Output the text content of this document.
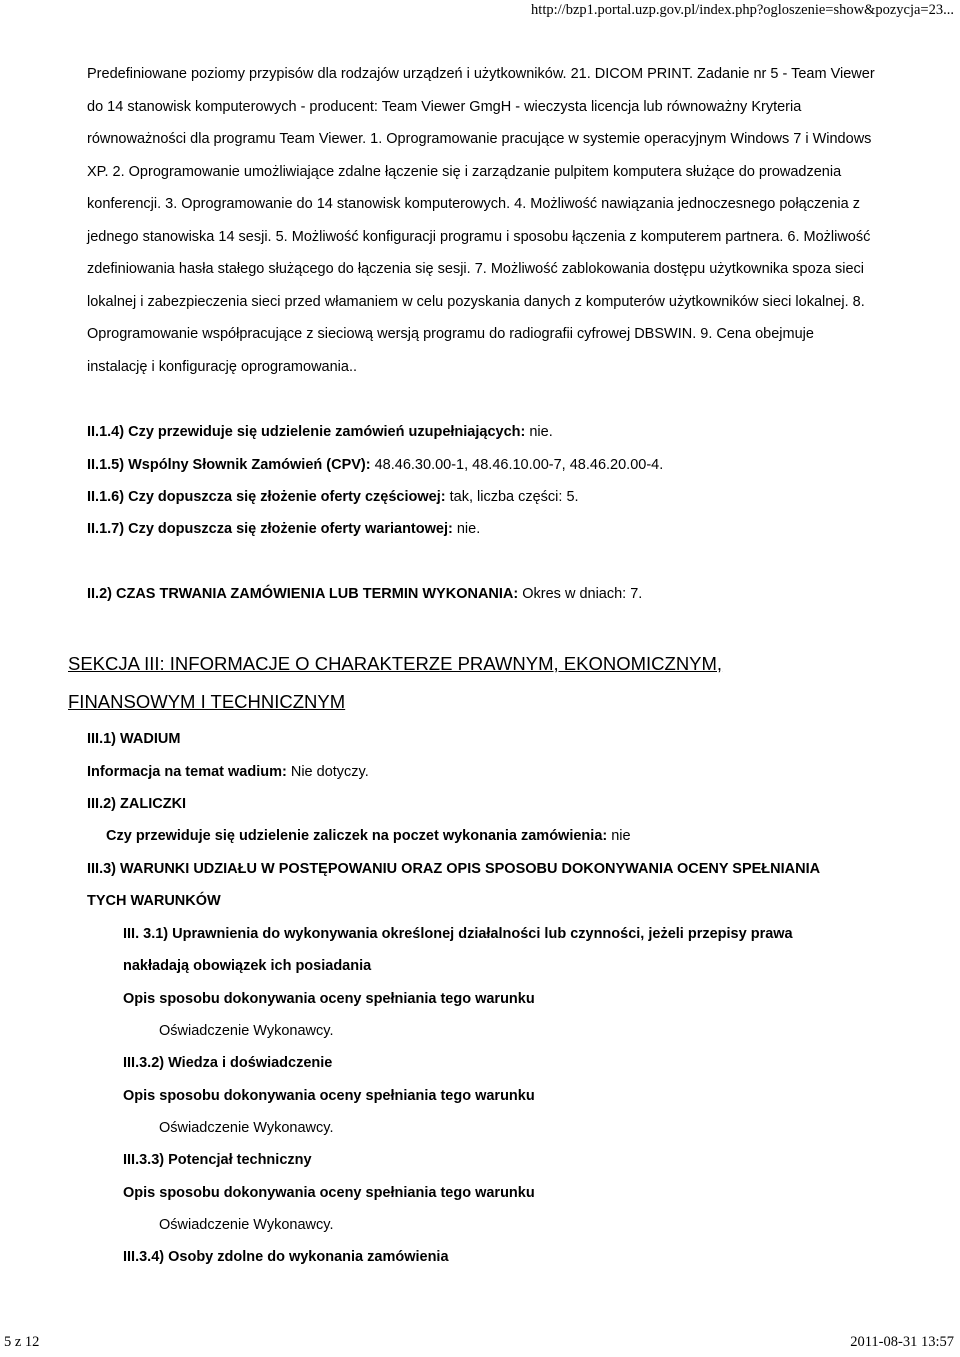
http://bzp1.portal.uzp.gov.pl/index.php?ogloszenie=show&pozycja=23...

Predefiniowane poziomy przypisów dla rodzajów urządzeń i użytkowników. 21. DICOM PRINT. Zadanie nr 5 - Team Viewer do 14 stanowisk komputerowych - producent: Team Viewer GmgH - wieczysta licencja lub równoważny Kryteria równoważności dla programu Team Viewer. 1. Oprogramowanie pracujące w systemie operacyjnym Windows 7 i Windows XP. 2. Oprogramowanie umożliwiające zdalne łączenie się i zarządzanie pulpitem komputera służące do prowadzenia konferencji. 3. Oprogramowanie do 14 stanowisk komputerowych. 4. Możliwość nawiązania jednoczesnego połączenia z jednego stanowiska 14 sesji. 5. Możliwość konfiguracji programu i sposobu łączenia z komputerem partnera. 6. Możliwość zdefiniowania hasła stałego służącego do łączenia się sesji. 7. Możliwość zablokowania dostępu użytkownika spoza sieci lokalnej i zabezpieczenia sieci przed włamaniem w celu pozyskania danych z komputerów użytkowników sieci lokalnej. 8. Oprogramowanie współpracujące z sieciową wersją programu do radiografii cyfrowej DBSWIN. 9. Cena obejmuje instalację i konfigurację oprogramowania..

II.1.4) Czy przewiduje się udzielenie zamówień uzupełniających: nie.
II.1.5) Wspólny Słownik Zamówień (CPV): 48.46.30.00-1, 48.46.10.00-7, 48.46.20.00-4.
II.1.6) Czy dopuszcza się złożenie oferty częściowej: tak, liczba części: 5.
II.1.7) Czy dopuszcza się złożenie oferty wariantowej: nie.
II.2) CZAS TRWANIA ZAMÓWIENIA LUB TERMIN WYKONANIA: Okres w dniach: 7.

SEKCJA III: INFORMACJE O CHARAKTERZE PRAWNYM, EKONOMICZNYM, FINANSOWYM I TECHNICZNYM

III.1) WADIUM
Informacja na temat wadium: Nie dotyczy.
III.2) ZALICZKI
Czy przewiduje się udzielenie zaliczek na poczet wykonania zamówienia: nie
III.3) WARUNKI UDZIAŁU W POSTĘPOWANIU ORAZ OPIS SPOSOBU DOKONYWANIA OCENY SPEŁNIANIA
TYCH WARUNKÓW
III. 3.1) Uprawnienia do wykonywania określonej działalności lub czynności, jeżeli przepisy prawa
nakładają obowiązek ich posiadania
Opis sposobu dokonywania oceny spełniania tego warunku
Oświadczenie Wykonawcy.
III.3.2) Wiedza i doświadczenie
Opis sposobu dokonywania oceny spełniania tego warunku
Oświadczenie Wykonawcy.
III.3.3) Potencjał techniczny
Opis sposobu dokonywania oceny spełniania tego warunku
Oświadczenie Wykonawcy.
III.3.4) Osoby zdolne do wykonania zamówienia
5 z 12	2011-08-31 13:57
